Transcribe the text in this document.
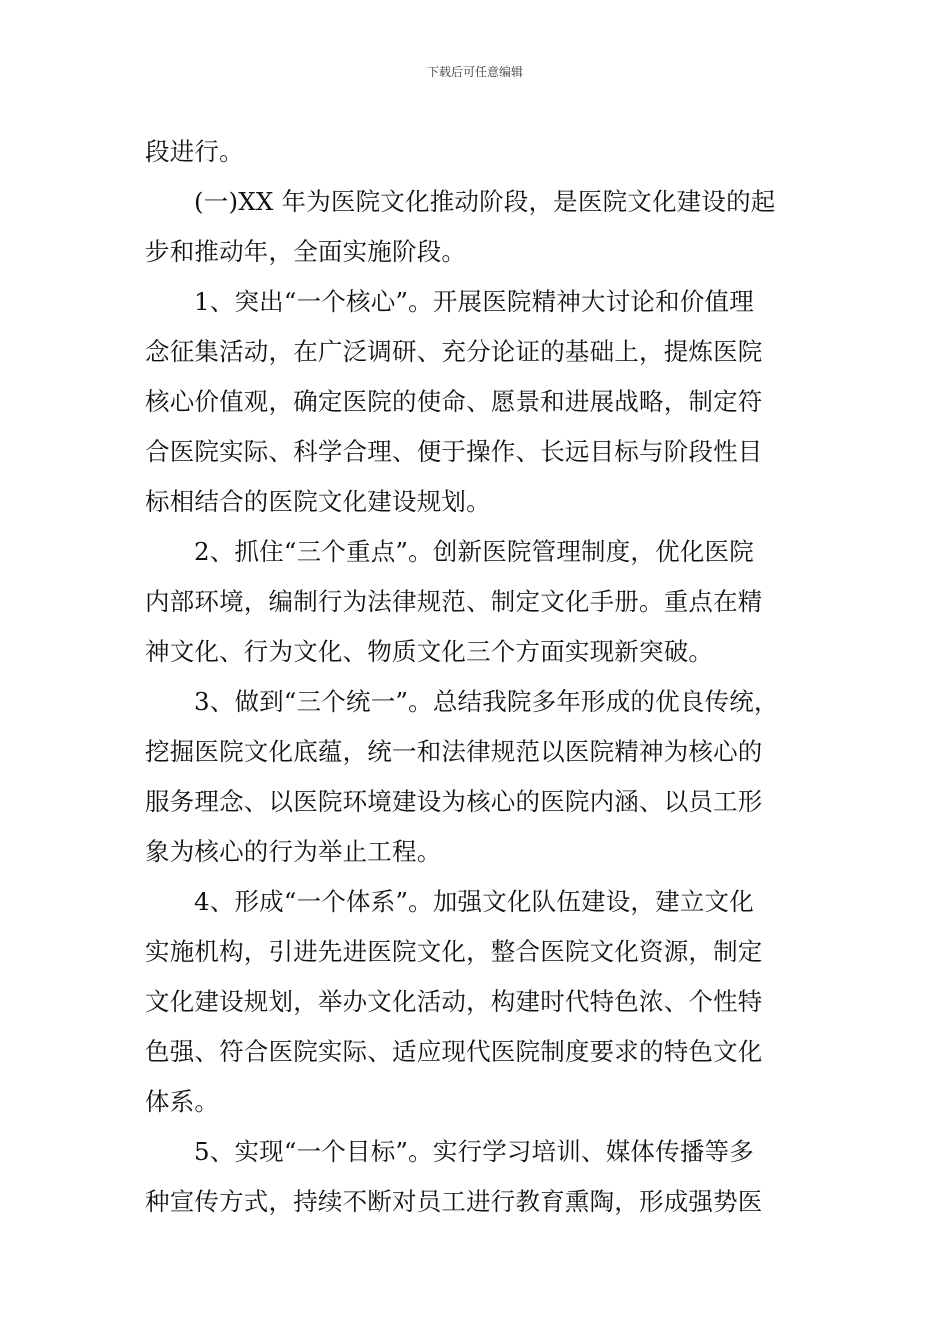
下载后可任意编辑
段进行。
(一)XX 年为医院文化推动阶段，是医院文化建设的起
步和推动年，全面实施阶段。
1、突出“一个核心”。开展医院精神大讨论和价值理
念征集活动，在广泛调研、充分论证的基础上，提炼医院
核心价值观，确定医院的使命、愿景和进展战略，制定符
合医院实际、科学合理、便于操作、长远目标与阶段性目
标相结合的医院文化建设规划。
2、抓住“三个重点”。创新医院管理制度，优化医院
内部环境，编制行为法律规范、制定文化手册。重点在精
神文化、行为文化、物质文化三个方面实现新突破。
3、做到“三个统一”。总结我院多年形成的优良传统，
挖掘医院文化底蕴，统一和法律规范以医院精神为核心的
服务理念、以医院环境建设为核心的医院内涵、以员工形
象为核心的行为举止工程。
4、形成“一个体系”。加强文化队伍建设，建立文化
实施机构，引进先进医院文化，整合医院文化资源，制定
文化建设规划，举办文化活动，构建时代特色浓、个性特
色强、符合医院实际、适应现代医院制度要求的特色文化
体系。
5、实现“一个目标”。实行学习培训、媒体传播等多
种宣传方式，持续不断对员工进行教育熏陶，形成强势医
